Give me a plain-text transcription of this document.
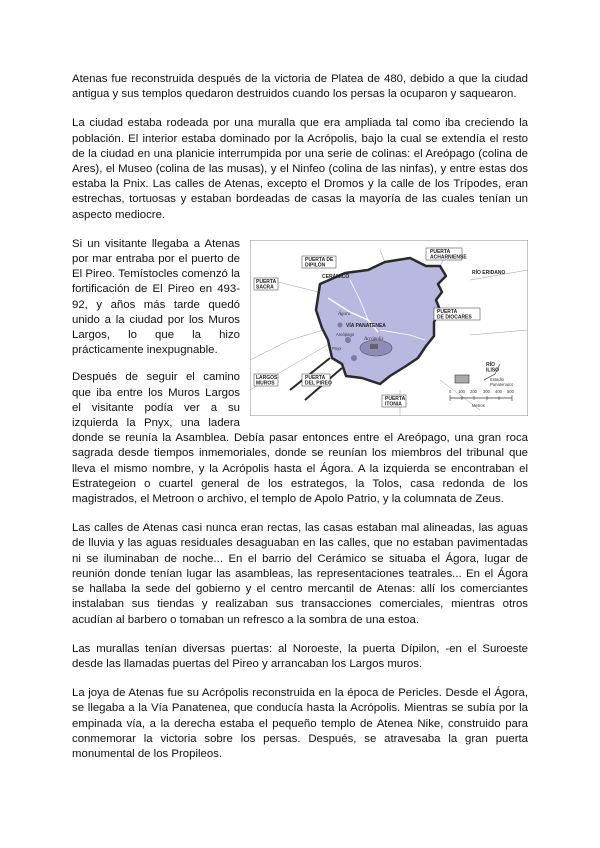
Atenas fue reconstruida después de la victoria de Platea de 480, debido a que la ciudad antigua y sus templos quedaron destruidos cuando los persas la ocuparon y saquearon.

La ciudad estaba rodeada por una muralla que era ampliada tal como iba creciendo la población. El interior estaba dominado por la Acrópolis, bajo la cual se extendía el resto de la ciudad en una planicie interrumpida por una serie de colinas: el Areópago (colina de Ares), el Museo (colina de las musas), y el Ninfeo (colina de las ninfas), y entre estas dos estaba la Pnix. Las calles de Atenas, excepto el Dromos y la calle de los Trípodes, eran estrechas, tortuosas y estaban bordeadas de casas la mayoría de las cuales tenían un aspecto mediocre.

PUERTA
ACHARNIENSE
PUERTA DE
DIPILÓN
CERÁMICO
PUERTA
SACRA
RÍO ERIDANO
VÍA PANATENEA
Ágora
Acrópolis
Areópago
Pnyx
PUERTA
DE DIOCARES
LARGOS
MUROS
PUERTA
DEL PIREO
PUERTA
ITONIA
RÍO
ILISO
Estadio
Panatenaico
0 100 200 300 400 500
Metros

Si un visitante llegaba a Atenas por mar entraba por el puerto de El Pireo. Temístocles comenzó la fortificación de El Pireo en 493-92, y años más tarde quedó unido a la ciudad por los Muros Largos, lo que la hizo prácticamente inexpugnable.

Después de seguir el camino que iba entre los Muros Largos el visitante podía ver a su izquierda la Pnyx, una ladera donde se reunía la Asamblea. Debía pasar entonces entre el Areópago, una gran roca sagrada desde tiempos inmemoriales, donde se reunían los miembros del tribunal que lleva el mismo nombre, y la Acrópolis hasta el Ágora. A la izquierda se encontraban el Estrategeion o cuartel general de los estrategos, la Tolos, casa redonda de los magistrados, el Metroon o archivo, el templo de Apolo Patrio, y la columnata de Zeus.

Las calles de Atenas casi nunca eran rectas, las casas estaban mal alineadas, las aguas de lluvia y las aguas residuales desaguaban en las calles, que no estaban pavimentadas ni se iluminaban de noche... En el barrio del Cerámico se situaba el Ágora, lugar de reunión donde tenían lugar las asambleas, las representaciones teatrales... En el Ágora se hallaba la sede del gobierno y el centro mercantil de Atenas: allí los comerciantes instalaban sus tiendas y realizaban sus transacciones comerciales, mientras otros acudían al barbero o tomaban un refresco a la sombra de una estoa.

Las murallas tenían diversas puertas: al Noroeste, la puerta Dípilon, -en el Suroeste desde las llamadas puertas del Pireo y arrancaban los Largos muros.

La joya de Atenas fue su Acrópolis reconstruida en la época de Pericles. Desde el Ágora, se llegaba a la Vía Panatenea, que conducía hasta la Acrópolis. Mientras se subía por la empinada vía, a la derecha estaba el pequeño templo de Atenea Nike, construido para conmemorar la victoria sobre los persas. Después, se atravesaba la gran puerta monumental de los Propileos.
